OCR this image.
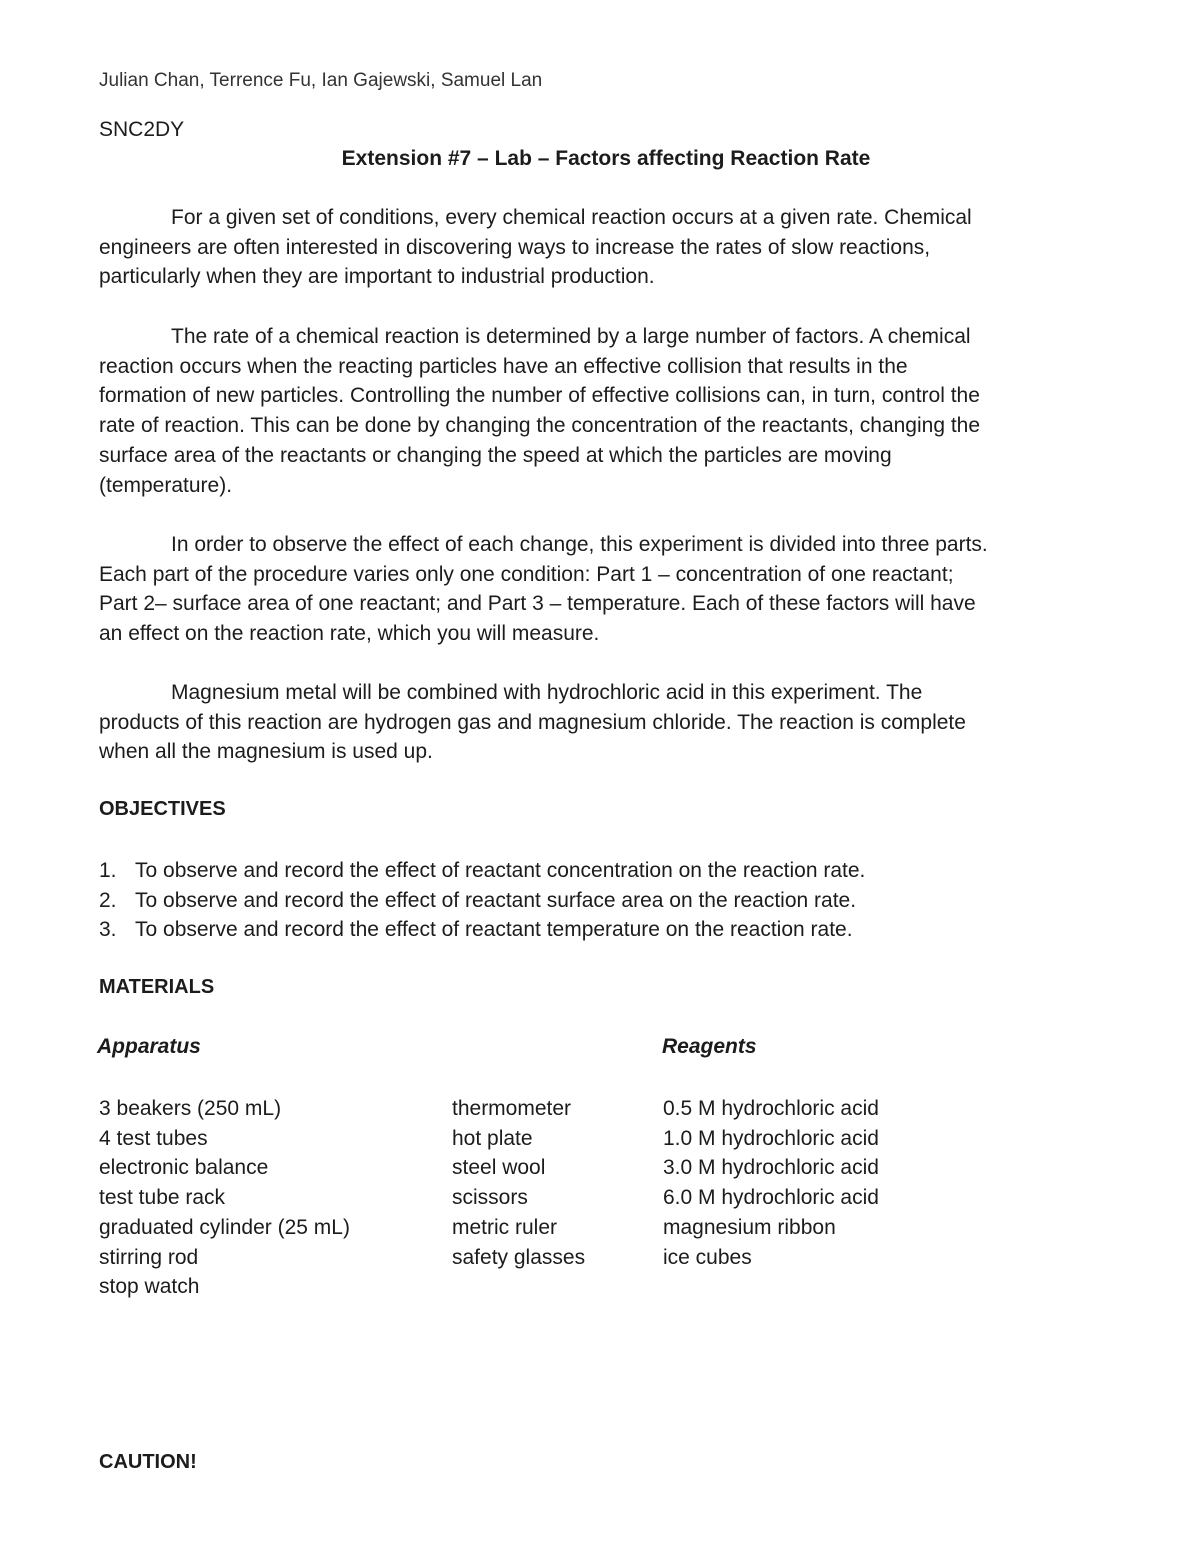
Julian Chan, Terrence Fu, Ian Gajewski, Samuel Lan
SNC2DY
Extension #7 – Lab – Factors affecting Reaction Rate

For a given set of conditions, every chemical reaction occurs at a given rate. Chemical
engineers are often interested in discovering ways to increase the rates of slow reactions,
particularly when they are important to industrial production.

The rate of a chemical reaction is determined by a large number of factors. A chemical
reaction occurs when the reacting particles have an effective collision that results in the
formation of new particles. Controlling the number of effective collisions can, in turn, control the
rate of reaction. This can be done by changing the concentration of the reactants, changing the
surface area of the reactants or changing the speed at which the particles are moving
(temperature).

In order to observe the effect of each change, this experiment is divided into three parts.
Each part of the procedure varies only one condition: Part 1 – concentration of one reactant;
Part 2– surface area of one reactant; and Part 3 – temperature. Each of these factors will have
an effect on the reaction rate, which you will measure.

Magnesium metal will be combined with hydrochloric acid in this experiment. The
products of this reaction are hydrogen gas and magnesium chloride. The reaction is complete
when all the magnesium is used up.

OBJECTIVES
1. To observe and record the effect of reactant concentration on the reaction rate.
2. To observe and record the effect of reactant surface area on the reaction rate.
3. To observe and record the effect of reactant temperature on the reaction rate.
MATERIALS
Apparatus	Reagents
3 beakers (250 mL)
4 test tubes
electronic balance
test tube rack
graduated cylinder (25 mL)
stirring rod
stop watch
thermometer
hot plate
steel wool
scissors
metric ruler
safety glasses
0.5 M hydrochloric acid
1.0 M hydrochloric acid
3.0 M hydrochloric acid
6.0 M hydrochloric acid
magnesium ribbon
ice cubes
CAUTION!
